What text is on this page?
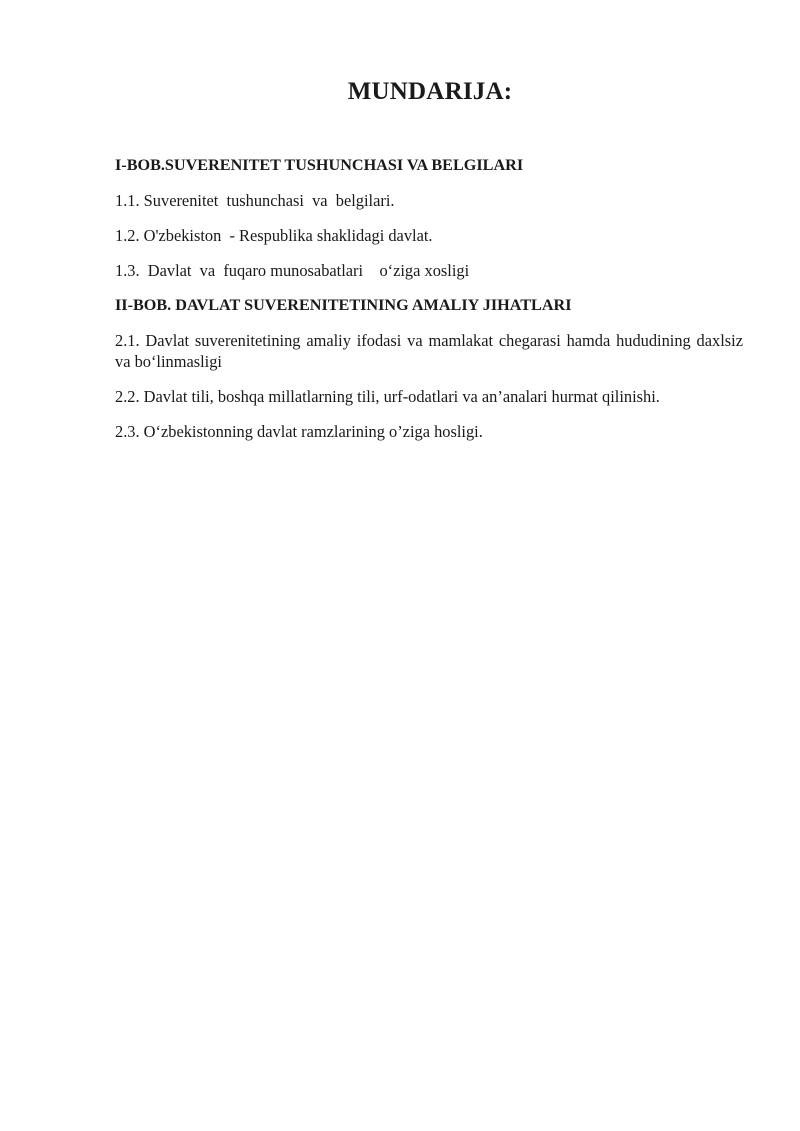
MUNDARIJA:

I-BOB.SUVERENITET TUSHUNCHASI VA BELGILARI

1.1. Suverenitet  tushunchasi  va  belgilari.

1.2. O'zbekiston  - Respublika shaklidagi davlat.

1.3.  Davlat  va  fuqaro munosabatlari    o‘ziga xosligi

II-BOB. DAVLAT SUVERENITETINING AMALIY JIHATLARI

2.1. Davlat suverenitetining amaliy ifodasi va mamlakat chegarasi hamda hududining daxlsiz va bo‘linmasligi

2.2. Davlat tili, boshqa millatlarning tili, urf-odatlari va an’analari hurmat qilinishi.

2.3. O‘zbekistonning davlat ramzlarining o’ziga hosligi.
